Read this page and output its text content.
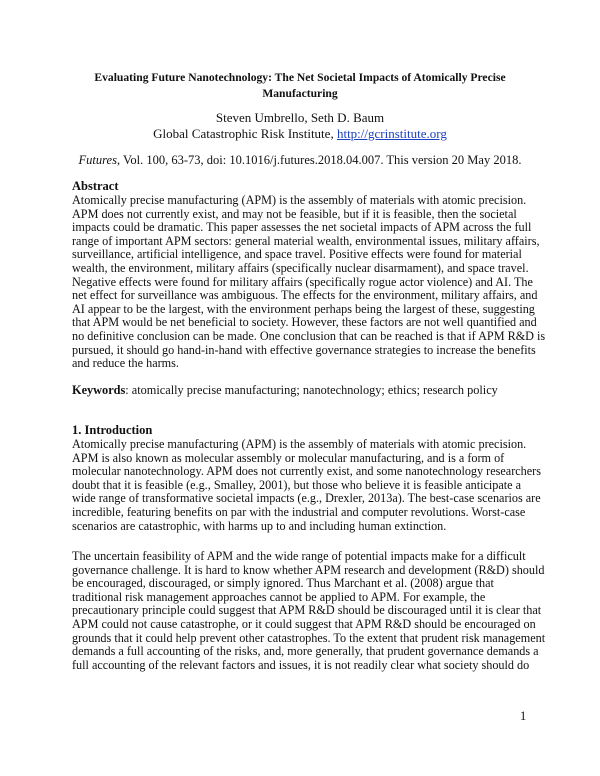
Evaluating Future Nanotechnology: The Net Societal Impacts of Atomically Precise
Manufacturing
Steven Umbrello, Seth D. Baum
Global Catastrophic Risk Institute, http://gcrinstitute.org
Futures, Vol. 100, 63-73, doi: 10.1016/j.futures.2018.04.007. This version 20 May 2018.
Abstract
Atomically precise manufacturing (APM) is the assembly of materials with atomic precision.
APM does not currently exist, and may not be feasible, but if it is feasible, then the societal
impacts could be dramatic. This paper assesses the net societal impacts of APM across the full
range of important APM sectors: general material wealth, environmental issues, military affairs,
surveillance, artificial intelligence, and space travel. Positive effects were found for material
wealth, the environment, military affairs (specifically nuclear disarmament), and space travel.
Negative effects were found for military affairs (specifically rogue actor violence) and AI. The
net effect for surveillance was ambiguous. The effects for the environment, military affairs, and
AI appear to be the largest, with the environment perhaps being the largest of these, suggesting
that APM would be net beneficial to society. However, these factors are not well quantified and
no definitive conclusion can be made. One conclusion that can be reached is that if APM R&D is
pursued, it should go hand-in-hand with effective governance strategies to increase the benefits
and reduce the harms.
Keywords: atomically precise manufacturing; nanotechnology; ethics; research policy
1. Introduction
Atomically precise manufacturing (APM) is the assembly of materials with atomic precision.
APM is also known as molecular assembly or molecular manufacturing, and is a form of
molecular nanotechnology. APM does not currently exist, and some nanotechnology researchers
doubt that it is feasible (e.g., Smalley, 2001), but those who believe it is feasible anticipate a
wide range of transformative societal impacts (e.g., Drexler, 2013a). The best-case scenarios are
incredible, featuring benefits on par with the industrial and computer revolutions. Worst-case
scenarios are catastrophic, with harms up to and including human extinction.
The uncertain feasibility of APM and the wide range of potential impacts make for a difficult
governance challenge. It is hard to know whether APM research and development (R&D) should
be encouraged, discouraged, or simply ignored. Thus Marchant et al. (2008) argue that
traditional risk management approaches cannot be applied to APM. For example, the
precautionary principle could suggest that APM R&D should be discouraged until it is clear that
APM could not cause catastrophe, or it could suggest that APM R&D should be encouraged on
grounds that it could help prevent other catastrophes. To the extent that prudent risk management
demands a full accounting of the risks, and, more generally, that prudent governance demands a
full accounting of the relevant factors and issues, it is not readily clear what society should do
1
